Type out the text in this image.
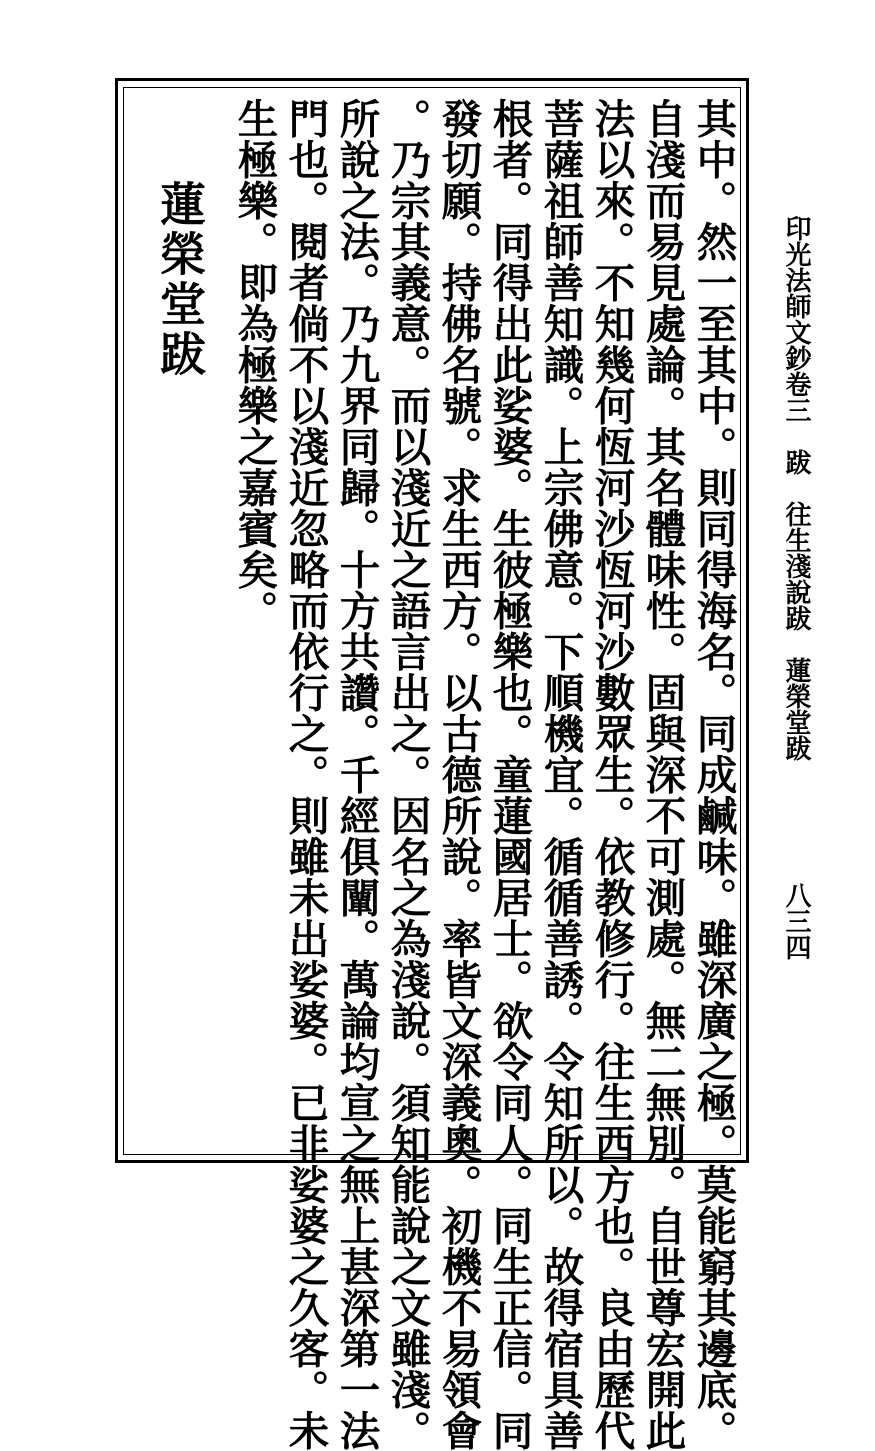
印光法師文鈔卷三跋往生淺說跋蓮榮堂跋
八三四
其中。然一至其中。則同得海名。同成鹹味。雖深廣之極。莫能窮其邊底。
自淺而易見處論。其名體味性。固與深不可測處。無二無別。自世尊宏開此
法以來。不知幾何恆河沙恆河沙數眾生。依教修行。往生西方也。良由歷代
菩薩祖師善知識。上宗佛意。下順機宜。循循善誘。令知所以。故得宿具善
根者。同得出此娑婆。生彼極樂也。童蓮國居士。欲令同人。同生正信。同
發切願。持佛名號。求生西方。以古德所說。率皆文深義奧。初機不易領會
。乃宗其義意。而以淺近之語言出之。因名之為淺說。須知能說之文雖淺。
所說之法。乃九界同歸。十方共讚。千經俱闡。萬論均宣之無上甚深第一法
門也。閱者倘不以淺近忽略而依行之。則雖未出娑婆。已非娑婆之久客。未
生極樂。即為極樂之嘉賓矣。
蓮榮堂跋
